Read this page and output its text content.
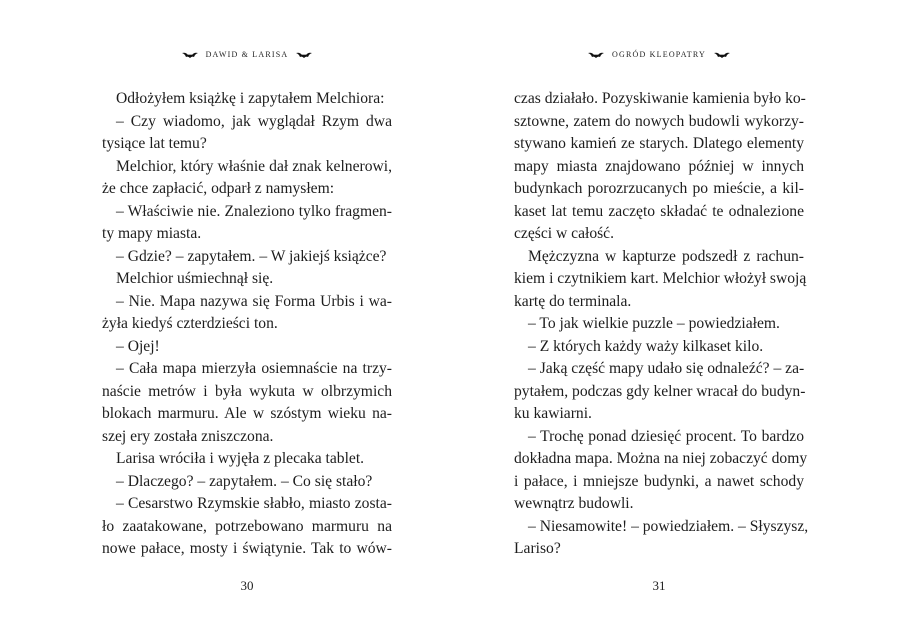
DAWID & LARISA
Odłożyłem książkę i zapytałem Melchiora:
– Czy wiadomo, jak wyglądał Rzym dwa
tysiące lat temu?
Melchior, który właśnie dał znak kelnerowi,
że chce zapłacić, odparł z namysłem:
– Właściwie nie. Znaleziono tylko fragmen-
ty mapy miasta.
– Gdzie? – zapytałem. – W jakiejś książce?
Melchior uśmiechnął się.
– Nie. Mapa nazywa się Forma Urbis i wa-
żyła kiedyś czterdzieści ton.
– Ojej!
– Cała mapa mierzyła osiemnaście na trzy-
naście metrów i była wykuta w olbrzymich
blokach marmuru. Ale w szóstym wieku na-
szej ery została zniszczona.
Larisa wróciła i wyjęła z plecaka tablet.
– Dlaczego? – zapytałem. – Co się stało?
– Cesarstwo Rzymskie słabło, miasto zosta-
ło zaatakowane, potrzebowano marmuru na
nowe pałace, mosty i świątynie. Tak to wów-
30
OGRÓD KLEOPATRY
czas działało. Pozyskiwanie kamienia było ko-
sztowne, zatem do nowych budowli wykorzy-
stywano kamień ze starych. Dlatego elementy
mapy miasta znajdowano później w innych
budynkach porozrzucanych po mieście, a kil-
kaset lat temu zaczęto składać te odnalezione
części w całość.
Mężczyzna w kapturze podszedł z rachun-
kiem i czytnikiem kart. Melchior włożył swoją
kartę do terminala.
– To jak wielkie puzzle – powiedziałem.
– Z których każdy waży kilkaset kilo.
– Jaką część mapy udało się odnaleźć? – za-
pytałem, podczas gdy kelner wracał do budyn-
ku kawiarni.
– Trochę ponad dziesięć procent. To bardzo
dokładna mapa. Można na niej zobaczyć domy
i pałace, i mniejsze budynki, a nawet schody
wewnątrz budowli.
– Niesamowite! – powiedziałem. – Słyszysz,
Lariso?
31
